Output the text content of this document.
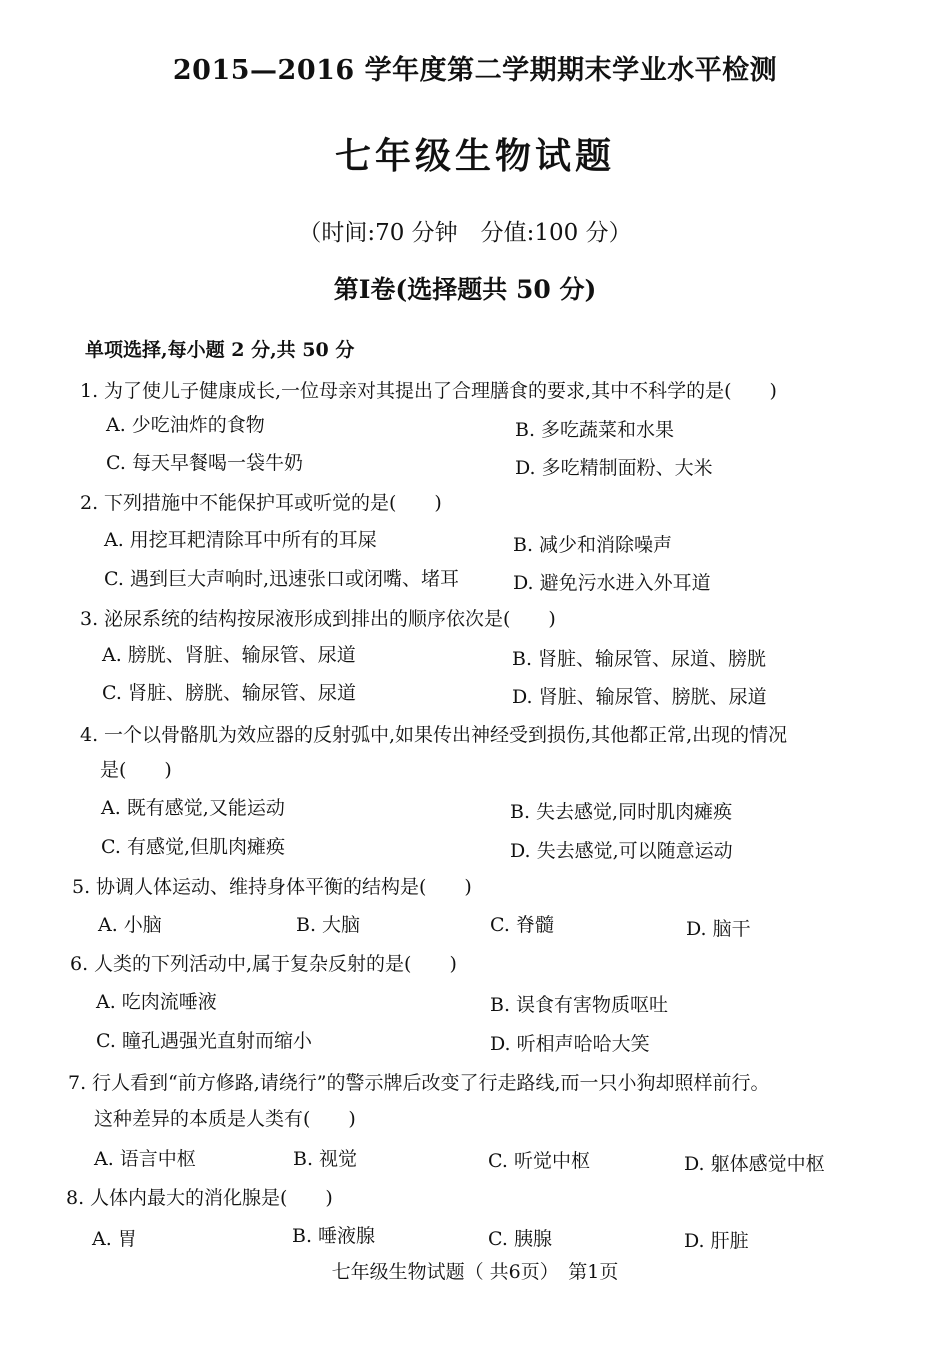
2015—2016 学年度第二学期期末学业水平检测
七年级生物试题
（时间:70 分钟　分值:100 分）
第Ⅰ卷(选择题共 50 分)
单项选择,每小题 2 分,共 50 分
1. 为了使儿子健康成长,一位母亲对其提出了合理膳食的要求,其中不科学的是(　　)
A. 少吃油炸的食物	B. 多吃蔬菜和水果
C. 每天早餐喝一袋牛奶	D. 多吃精制面粉、大米
2. 下列措施中不能保护耳或听觉的是(　　)
A. 用挖耳耙清除耳中所有的耳屎	B. 减少和消除噪声
C. 遇到巨大声响时,迅速张口或闭嘴、堵耳	D. 避免污水进入外耳道
3. 泌尿系统的结构按尿液形成到排出的顺序依次是(　　)
A. 膀胱、肾脏、输尿管、尿道	B. 肾脏、输尿管、尿道、膀胱
C. 肾脏、膀胱、输尿管、尿道	D. 肾脏、输尿管、膀胱、尿道
4. 一个以骨骼肌为效应器的反射弧中,如果传出神经受到损伤,其他都正常,出现的情况
是(　　)
A. 既有感觉,又能运动	B. 失去感觉,同时肌肉瘫痪
C. 有感觉,但肌肉瘫痪	D. 失去感觉,可以随意运动
5. 协调人体运动、维持身体平衡的结构是(　　)
A. 小脑	B. 大脑	C. 脊髓	D. 脑干
6. 人类的下列活动中,属于复杂反射的是(　　)
A. 吃肉流唾液	B. 误食有害物质呕吐
C. 瞳孔遇强光直射而缩小	D. 听相声哈哈大笑
7. 行人看到“前方修路,请绕行”的警示牌后改变了行走路线,而一只小狗却照样前行。
这种差异的本质是人类有(　　)
A. 语言中枢	B. 视觉	C. 听觉中枢	D. 躯体感觉中枢
8. 人体内最大的消化腺是(　　)
A. 胃	B. 唾液腺	C. 胰腺	D. 肝脏
七年级生物试题（ 共6页）　第1页
